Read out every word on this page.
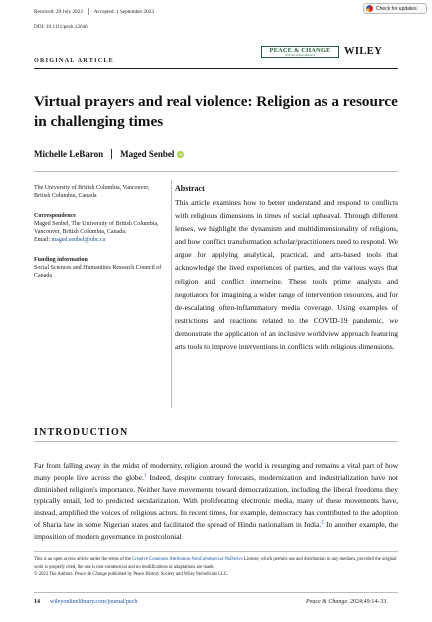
Received: 29 July 2023 Accepted: 1 September 2023
DOI: 10.1111/pech.12646
Check for updates
PEACE & CHANGE
A Journal of Peace Research	WILEY
ORIGINAL ARTICLE
Virtual prayers and real violence: Religion as a resource in challenging times
Michelle LeBaron Maged Senbel	iD

The University of British Columbia, Vancouver, British Columbia, Canada

Correspondence

Maged Senbel, The University of British Columbia, Vancouver, British Columbia, Canada.

Email: maged.senbel@ubc.ca

Funding information

Social Sciences and Humanities Research Council of Canada

Abstract

This article examines how to better understand and respond to conflicts with religious dimensions in times of social upheaval. Through different lenses, we highlight the dynamism and multidimensionality of religions, and how conflict transformation scholar/practitioners need to respond. We argue for applying analytical, practical, and arts-based tools that acknowledge the lived experiences of parties, and the various ways that religion and conflict intertwine. These tools prime analysts and negotiators for imagining a wider range of intervention resources, and for de-escalating often-inflammatory media coverage. Using examples of restrictions and reactions related to the COVID-19 pandemic, we demonstrate the application of an inclusive worldview approach featuring arts tools to improve interventions in conflicts with religious dimensions.

INTRODUCTION

Far from falling away in the midst of modernity, religion around the world is resurging and remains a vital part of how many people live across the globe.$^1$ Indeed, despite contrary forecasts, modernization and industrialization have not diminished religion's importance. Neither have movements toward democratization, including the liberal freedoms they typically entail, led to predicted secularization. With proliferating electronic media, many of these movements have, instead, amplified the voices of religious actors. In recent times, for example, democracy has contributed to the adoption of Sharia law in some Nigerian states and facilitated the spread of Hindu nationalism in India.$^2$ In another example, the imposition of modern governance in postcolonial

This is an open access article under the terms of the Creative Commons Attribution-NonCommercial-NoDerivs License, which permits use and distribution in any medium, provided the original work is properly cited, the use is non-commercial and no modifications or adaptations are made.
© 2023 The Authors. Peace & Change published by Peace History Society and Wiley Periodicals LLC.

14 wileyonlinelibrary.com/journal/pech	Peace & Change. 2024;49:14–33.
